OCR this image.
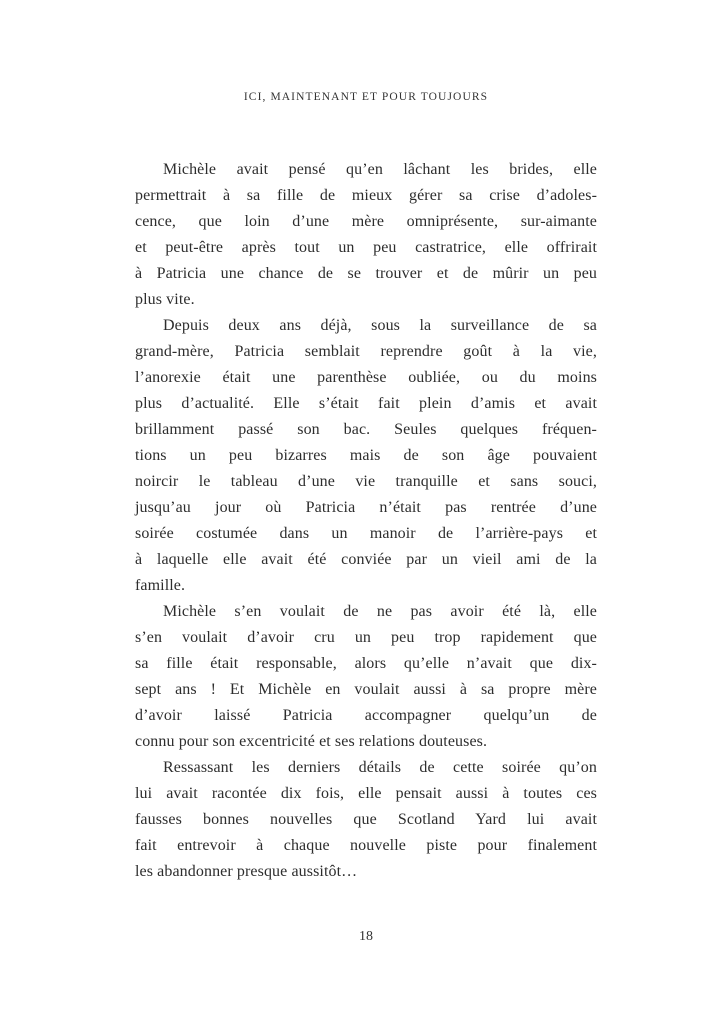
ICI, MAINTENANT ET POUR TOUJOURS
Michèle avait pensé qu’en lâchant les brides, elle
permettrait à sa fille de mieux gérer sa crise d’adoles-
cence, que loin d’une mère omniprésente, sur-aimante
et peut-être après tout un peu castratrice, elle offrirait
à Patricia une chance de se trouver et de mûrir un peu
plus vite.
Depuis deux ans déjà, sous la surveillance de sa
grand-mère, Patricia semblait reprendre goût à la vie,
l’anorexie était une parenthèse oubliée, ou du moins
plus d’actualité. Elle s’était fait plein d’amis et avait
brillamment passé son bac. Seules quelques fréquen-
tions un peu bizarres mais de son âge pouvaient
noircir le tableau d’une vie tranquille et sans souci,
jusqu’au jour où Patricia n’était pas rentrée d’une
soirée costumée dans un manoir de l’arrière-pays et
à laquelle elle avait été conviée par un vieil ami de la
famille.
Michèle s’en voulait de ne pas avoir été là, elle
s’en voulait d’avoir cru un peu trop rapidement que
sa fille était responsable, alors qu’elle n’avait que dix-
sept ans ! Et Michèle en voulait aussi à sa propre mère
d’avoir laissé Patricia accompagner quelqu’un de
connu pour son excentricité et ses relations douteuses.
Ressassant les derniers détails de cette soirée qu’on
lui avait racontée dix fois, elle pensait aussi à toutes ces
fausses bonnes nouvelles que Scotland Yard lui avait
fait entrevoir à chaque nouvelle piste pour finalement
les abandonner presque aussitôt…
18
